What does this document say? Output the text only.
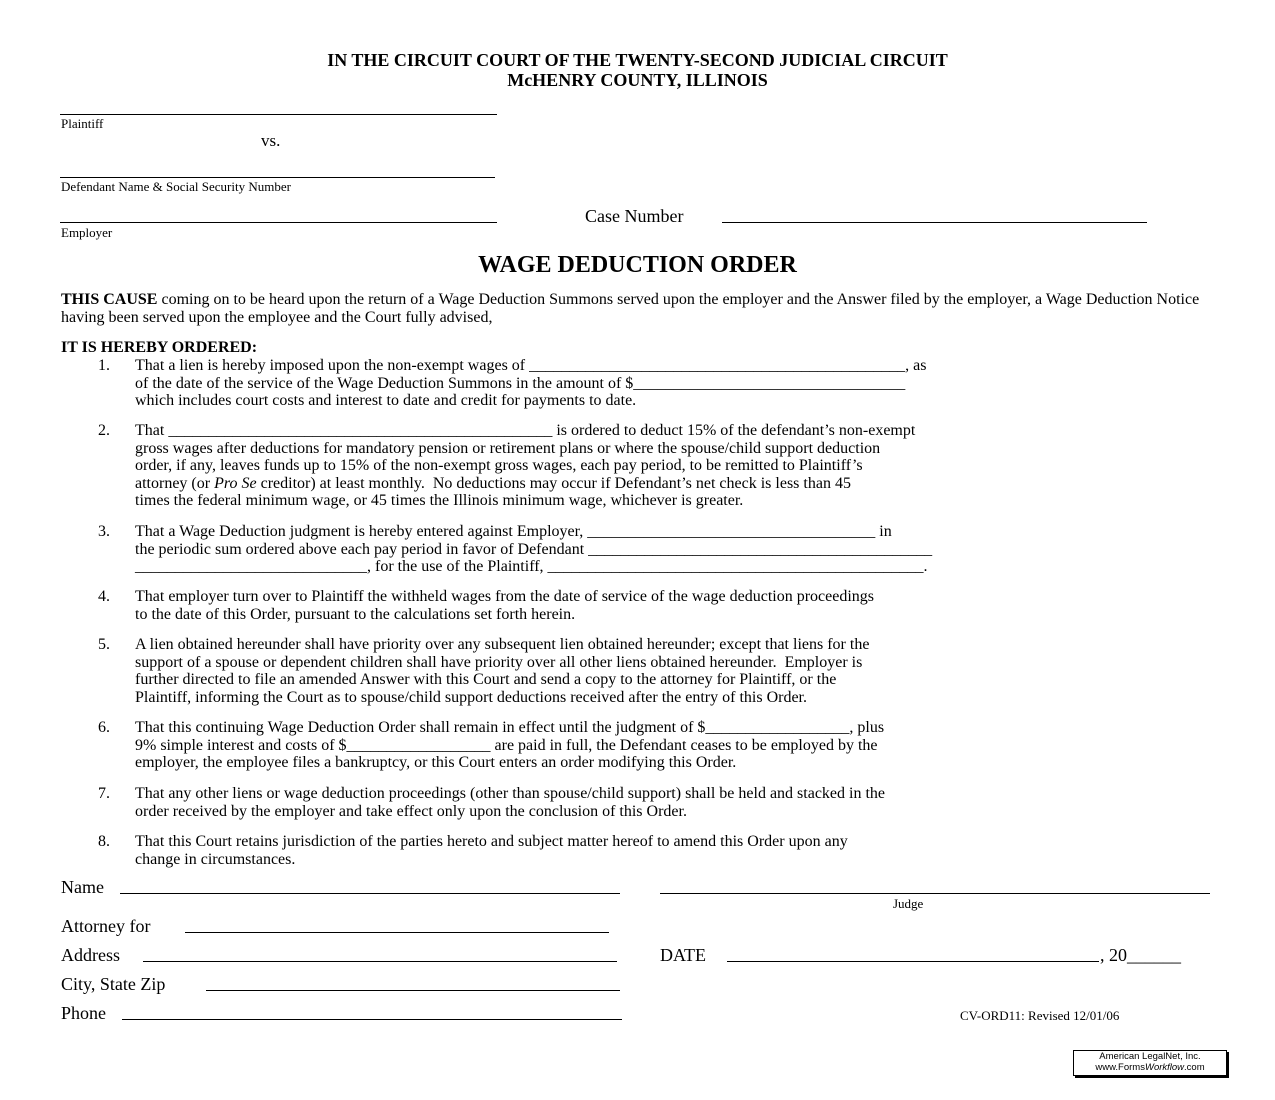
IN THE CIRCUIT COURT OF THE TWENTY-SECOND JUDICIAL CIRCUIT
McHENRY COUNTY, ILLINOIS
Plaintiff
vs.
Defendant Name & Social Security Number
Employer
Case Number
WAGE DEDUCTION ORDER
THIS CAUSE coming on to be heard upon the return of a Wage Deduction Summons served upon the employer and the Answer filed by the employer, a Wage Deduction Notice having been served upon the employee and the Court fully advised,
IT IS HEREBY ORDERED:
1. That a lien is hereby imposed upon the non-exempt wages of _______________________________________________, as
of the date of the service of the Wage Deduction Summons in the amount of $__________________________________
which includes court costs and interest to date and credit for payments to date.
2. That ________________________________________________ is ordered to deduct 15% of the defendant’s non-exempt
gross wages after deductions for mandatory pension or retirement plans or where the spouse/child support deduction
order, if any, leaves funds up to 15% of the non-exempt gross wages, each pay period, to be remitted to Plaintiff’s
attorney (or Pro Se creditor) at least monthly.  No deductions may occur if Defendant’s net check is less than 45
times the federal minimum wage, or 45 times the Illinois minimum wage, whichever is greater.
3. That a Wage Deduction judgment is hereby entered against Employer, ____________________________________ in
the periodic sum ordered above each pay period in favor of Defendant ___________________________________________
_____________________________, for the use of the Plaintiff, _______________________________________________.
4. That employer turn over to Plaintiff the withheld wages from the date of service of the wage deduction proceedings
to the date of this Order, pursuant to the calculations set forth herein.
5. A lien obtained hereunder shall have priority over any subsequent lien obtained hereunder; except that liens for the
support of a spouse or dependent children shall have priority over all other liens obtained hereunder.  Employer is
further directed to file an amended Answer with this Court and send a copy to the attorney for Plaintiff, or the
Plaintiff, informing the Court as to spouse/child support deductions received after the entry of this Order.
6. That this continuing Wage Deduction Order shall remain in effect until the judgment of $__________________, plus
9% simple interest and costs of $__________________ are paid in full, the Defendant ceases to be employed by the
employer, the employee files a bankruptcy, or this Court enters an order modifying this Order.
7. That any other liens or wage deduction proceedings (other than spouse/child support) shall be held and stacked in the
order received by the employer and take effect only upon the conclusion of this Order.
8. That this Court retains jurisdiction of the parties hereto and subject matter hereof to amend this Order upon any
change in circumstances.
Name
Judge
Attorney for
Address	DATE	, 20______
City, State Zip
Phone	CV-ORD11: Revised 12/01/06
American LegalNet, Inc.
www.FormsWorkflow.com
